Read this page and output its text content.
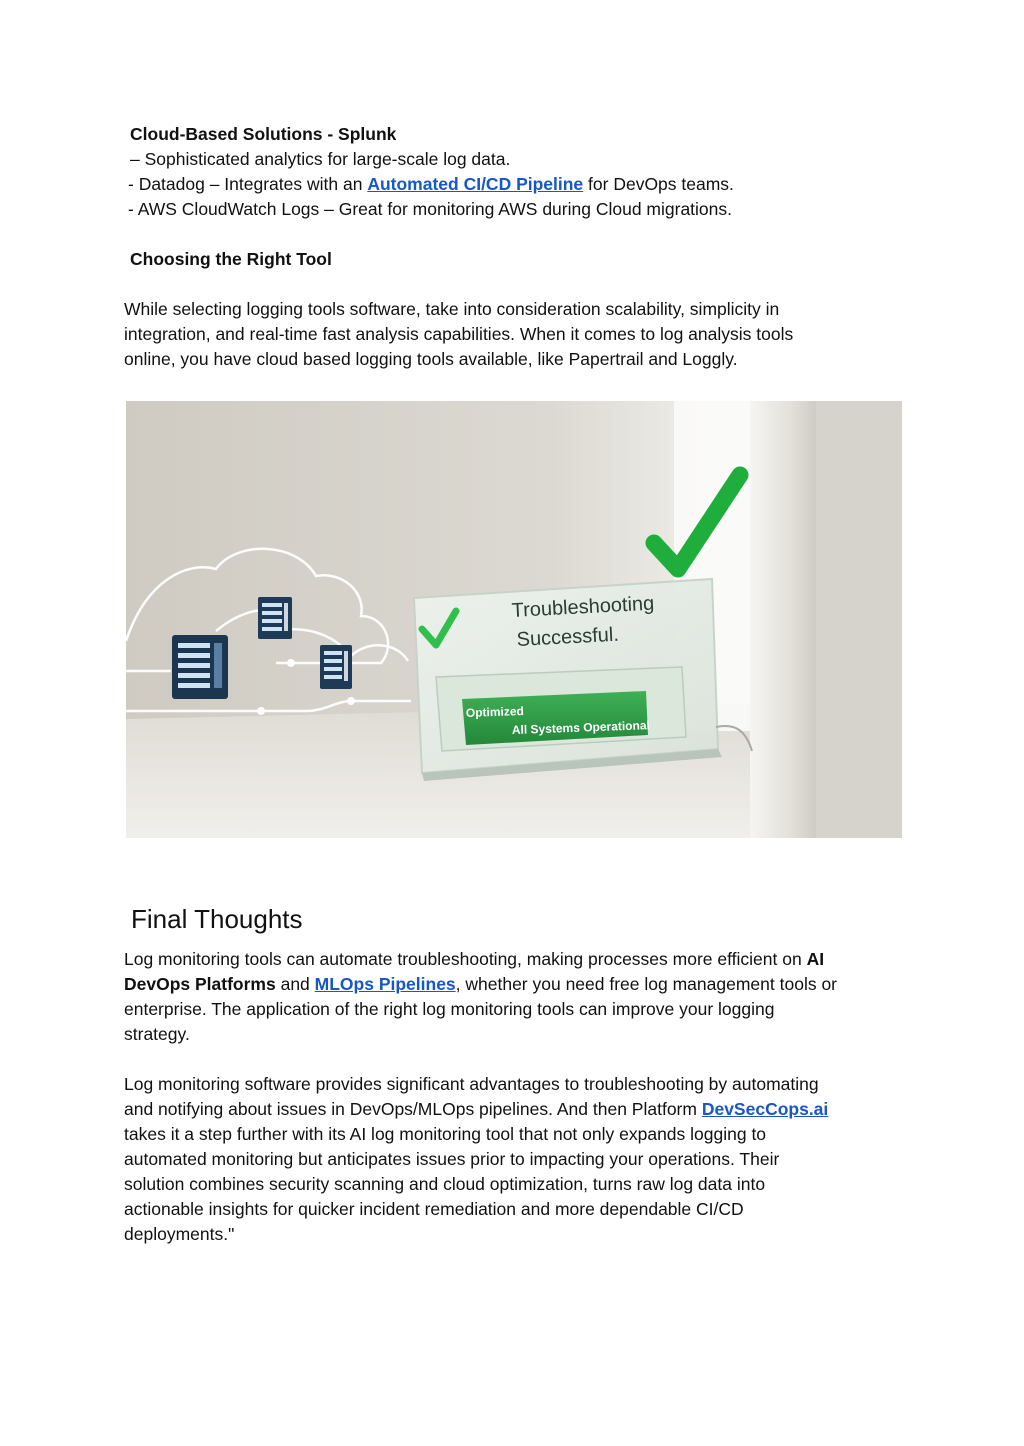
Cloud-Based Solutions - Splunk
– Sophisticated analytics for large-scale log data.
- Datadog – Integrates with an Automated CI/CD Pipeline for DevOps teams.
- AWS CloudWatch Logs – Great for monitoring AWS during Cloud migrations.
Choosing the Right Tool
While selecting logging tools software, take into consideration scalability, simplicity in
integration, and real-time fast analysis capabilities. When it comes to log analysis tools
online, you have cloud based logging tools available, like Papertrail and Loggly.
Troubleshooting
Successful.
Optimized
All Systems Operational
Final Thoughts
Log monitoring tools can automate troubleshooting, making processes more efficient on AI
DevOps Platforms and MLOps Pipelines, whether you need free log management tools or
enterprise. The application of the right log monitoring tools can improve your logging
strategy.
Log monitoring software provides significant advantages to troubleshooting by automating
and notifying about issues in DevOps/MLOps pipelines. And then Platform DevSecCops.ai
takes it a step further with its AI log monitoring tool that not only expands logging to
automated monitoring but anticipates issues prior to impacting your operations. Their
solution combines security scanning and cloud optimization, turns raw log data into
actionable insights for quicker incident remediation and more dependable CI/CD
deployments."
